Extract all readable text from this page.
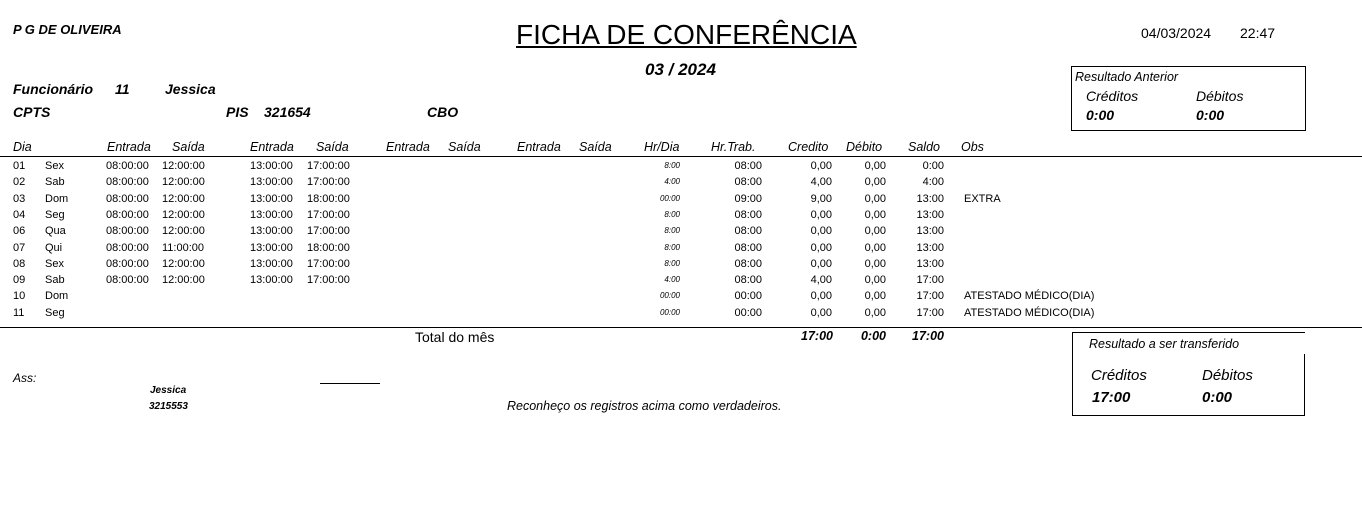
P G DE OLIVEIRA	FICHA DE CONFERÊNCIA
03 / 2024
04/03/2024 22:47
Funcionário 11	Jessica
CPTS	PIS 321654	CBO
Resultado Anterior
Créditos	Débitos
0:00	0:00
Dia	Entrada Saída	Entrada Saída	Entrada Saída	Entrada Saída	Hr/Dia	Hr.Trab.	Credito Débito Saldo Obs
01 Sex	08:00:00 12:00:00	13:00:00 17:00:00	8:00	08:00	0,00	0,00	0:00
02 Sab	08:00:00 12:00:00	13:00:00 17:00:00	4:00	08:00	4,00	0,00	4:00
03 Dom	08:00:00 12:00:00	13:00:00 18:00:00	00:00	09:00	9,00	0,00	13:00 EXTRA
04 Seg	08:00:00 12:00:00	13:00:00 17:00:00	8:00	08:00	0,00	0,00	13:00
06 Qua	08:00:00 12:00:00	13:00:00 17:00:00	8:00	08:00	0,00	0,00	13:00
07 Qui	08:00:00 11:00:00	13:00:00 18:00:00	8:00	08:00	0,00	0,00	13:00
08 Sex	08:00:00 12:00:00	13:00:00 17:00:00	8:00	08:00	0,00	0,00	13:00
09 Sab	08:00:00 12:00:00	13:00:00 17:00:00	4:00	08:00	4,00	0,00	17:00
10 Dom	00:00	00:00	0,00	0,00	17:00 ATESTADO MÉDICO(DIA)
11 Seg	00:00	00:00	0,00	0,00	17:00 ATESTADO MÉDICO(DIA)
Total do mês	17:00	0:00	17:00
Resultado a ser transferido
Créditos	Débitos
17:00	0:00
Ass:
Jessica
3215553	Reconheço os registros acima como verdadeiros.
